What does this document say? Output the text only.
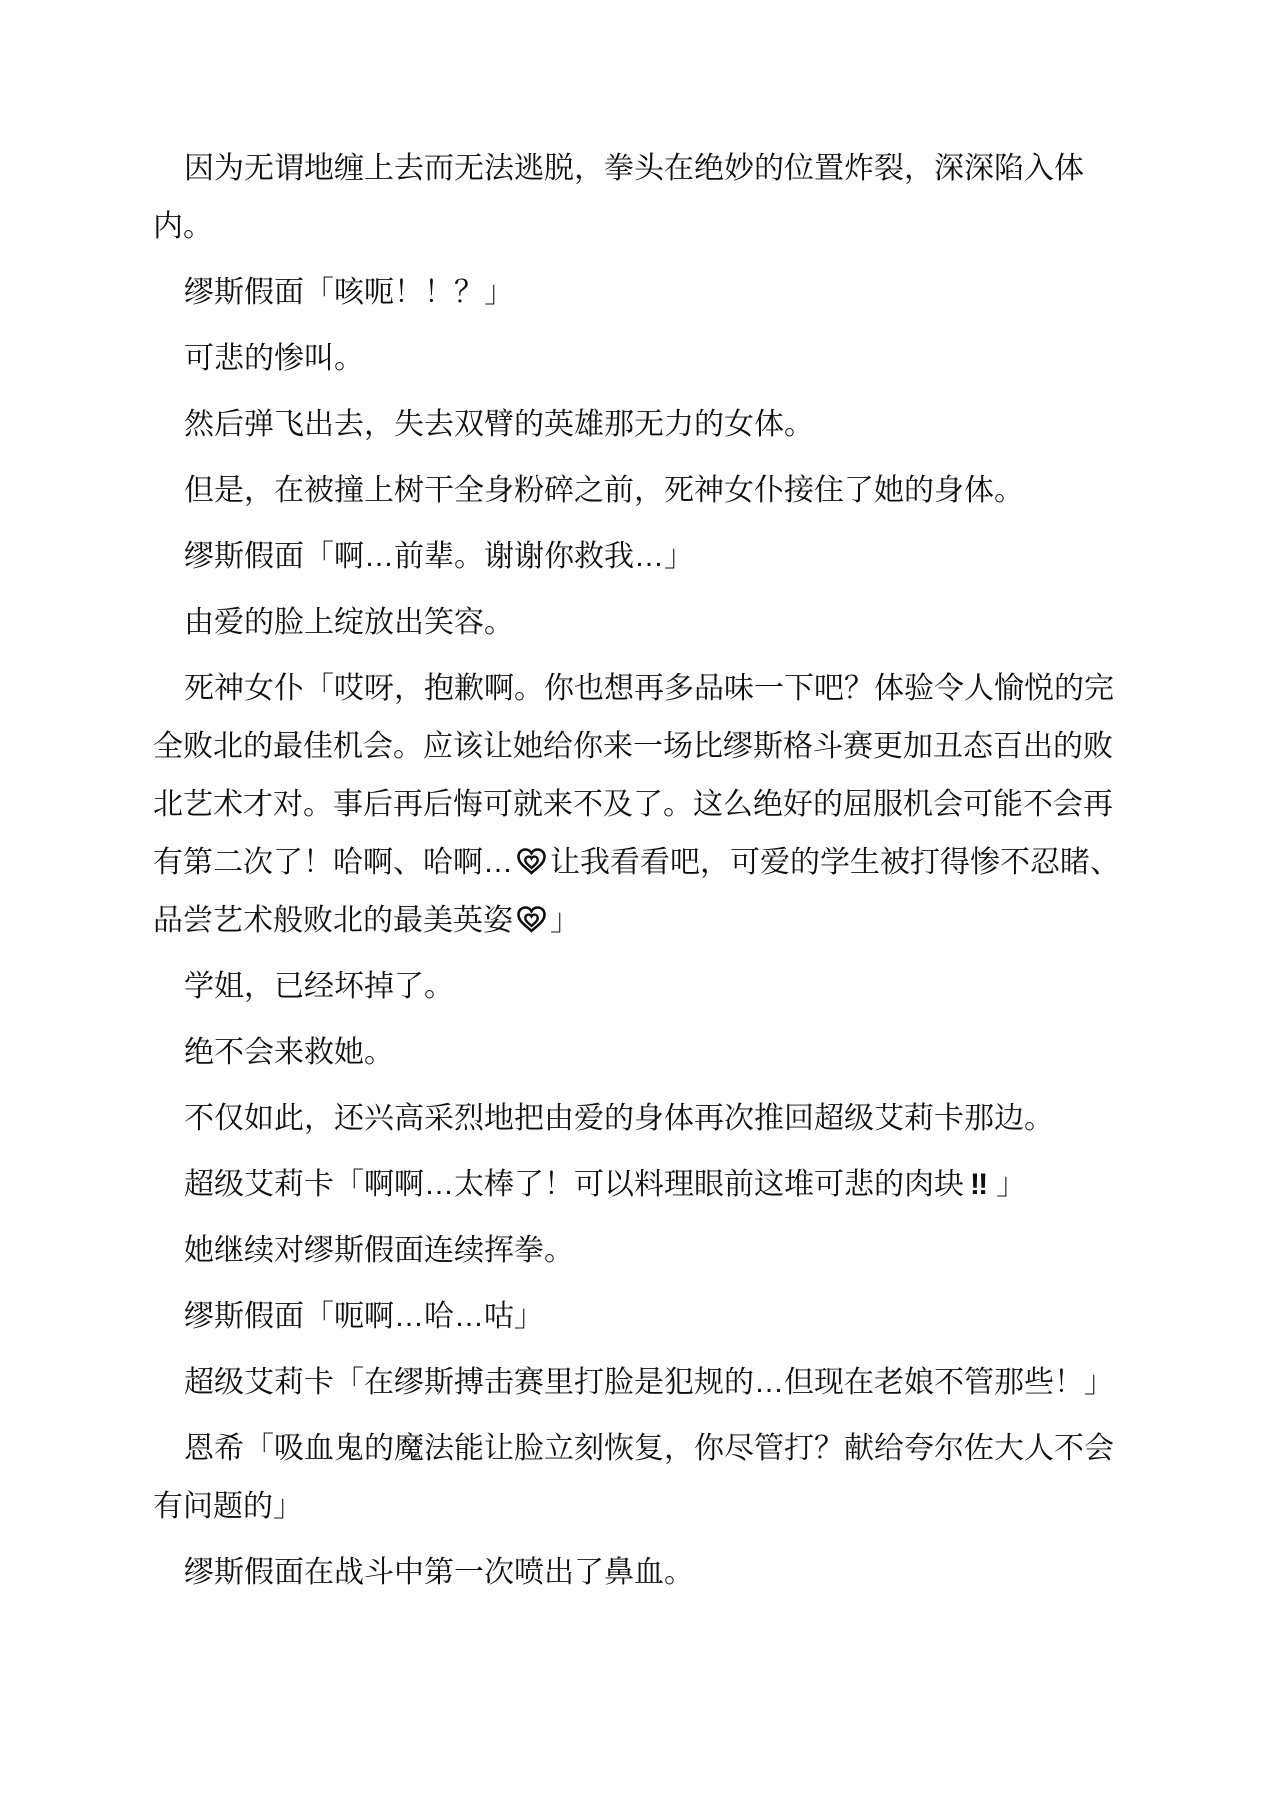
因为无谓地缠上去而无法逃脱，拳头在绝妙的位置炸裂，深深陷入体内。

缪斯假面「咳呃！！？」

可悲的惨叫。

然后弹飞出去，失去双臂的英雄那无力的女体。

但是，在被撞上树干全身粉碎之前，死神女仆接住了她的身体。

缪斯假面「啊…前辈。谢谢你救我…」

由爱的脸上绽放出笑容。

死神女仆「哎呀，抱歉啊。你也想再多品味一下吧？体验令人愉悦的完全败北的最佳机会。应该让她给你来一场比缪斯格斗赛更加丑态百出的败北艺术才对。事后再后悔可就来不及了。这么绝好的屈服机会可能不会再有第二次了！哈啊、哈啊… 让我看看吧，可爱的学生被打得惨不忍睹、品尝艺术般败北的最美英姿 」

学姐，已经坏掉了。

绝不会来救她。

不仅如此，还兴高采烈地把由爱的身体再次推回超级艾莉卡那边。

超级艾莉卡「啊啊…太棒了！可以料理眼前这堆可悲的肉块 ‼ 」

她继续对缪斯假面连续挥拳。

缪斯假面「呃啊…哈…咕」

超级艾莉卡「在缪斯搏击赛里打脸是犯规的…但现在老娘不管那些！」

恩希「吸血鬼的魔法能让脸立刻恢复，你尽管打？献给夸尔佐大人不会有问题的」

缪斯假面在战斗中第一次喷出了鼻血。
